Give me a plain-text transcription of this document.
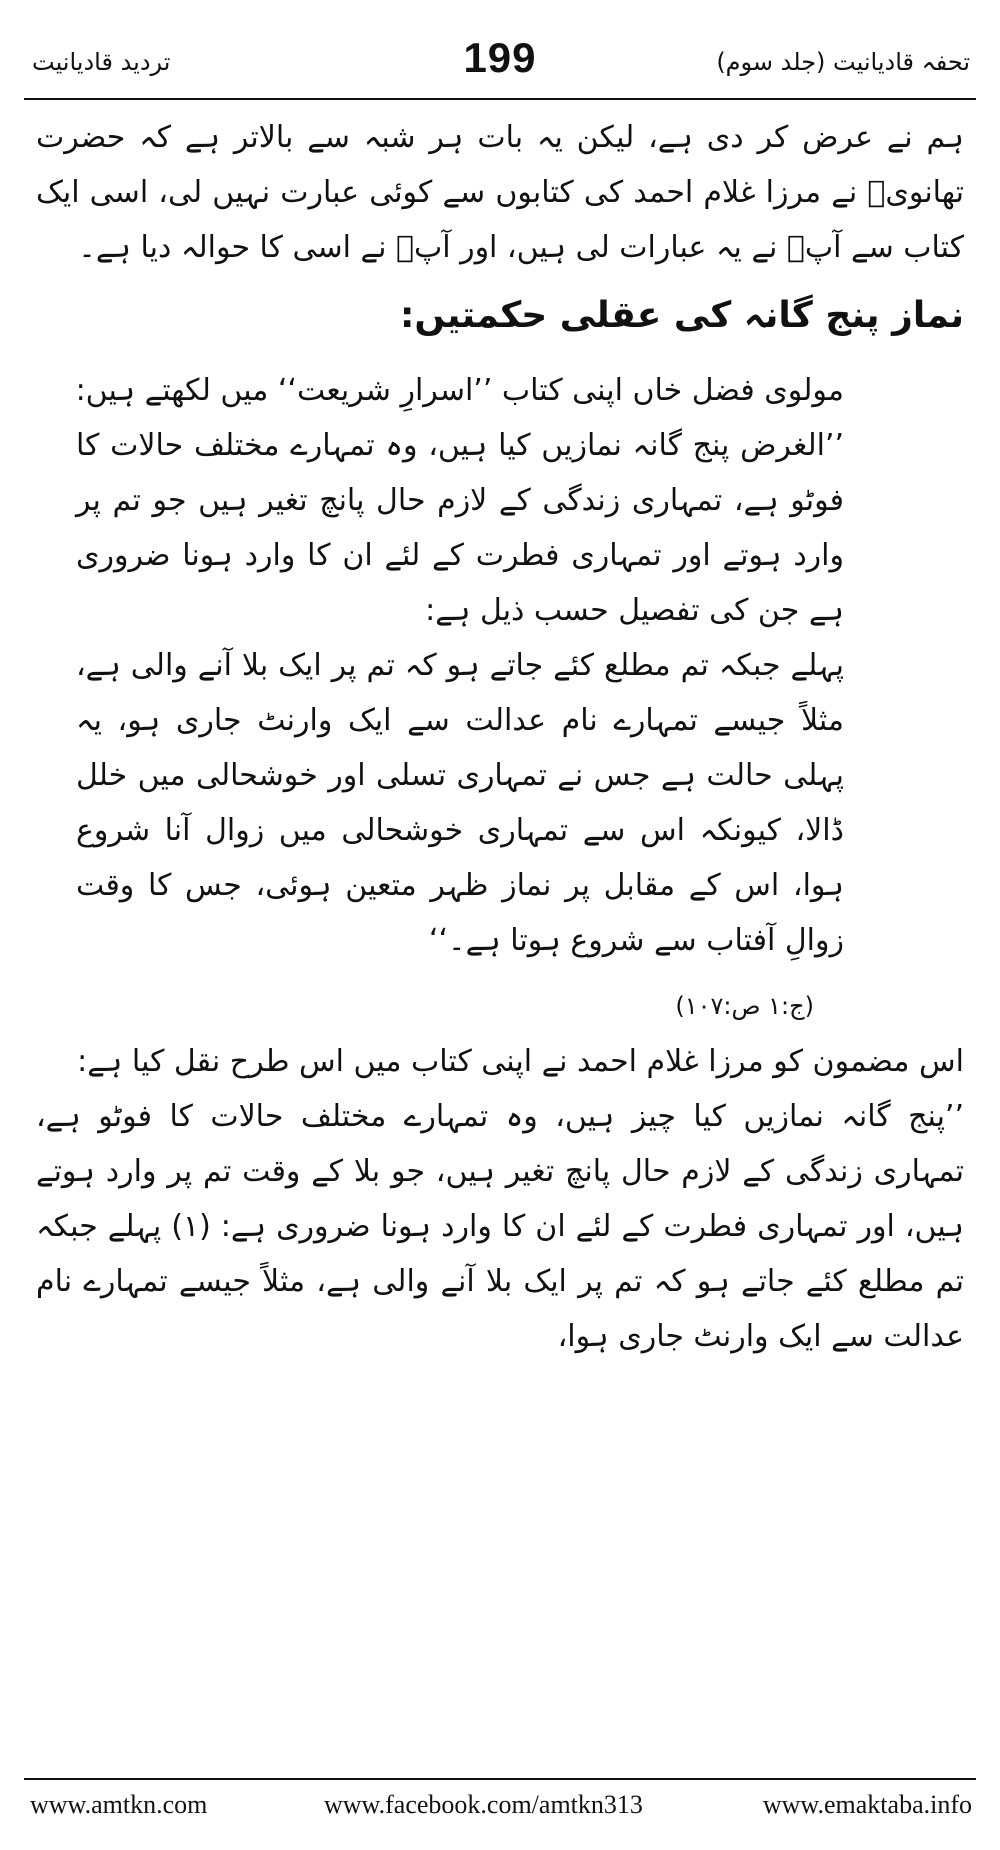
تردید قادیانیت	199	تحفہ قادیانیت (جلد سوم)

ہم نے عرض کر دی ہے، لیکن یہ بات ہر شبہ سے بالاتر ہے کہ حضرت تھانویؒ نے مرزا غلام احمد کی کتابوں سے کوئی عبارت نہیں لی، اسی ایک کتاب سے آپؒ نے یہ عبارات لی ہیں، اور آپؒ نے اسی کا حوالہ دیا ہے۔

نماز پنج گانہ کی عقلی حکمتیں:

مولوی فضل خاں اپنی کتاب ’’اسرارِ شریعت‘‘ میں لکھتے ہیں:

’’الغرض پنج گانہ نمازیں کیا ہیں، وہ تمہارے مختلف حالات کا فوٹو ہے، تمہاری زندگی کے لازم حال پانچ تغیر ہیں جو تم پر وارد ہوتے اور تمہاری فطرت کے لئے ان کا وارد ہونا ضروری ہے جن کی تفصیل حسب ذیل ہے:

پہلے جبکہ تم مطلع کئے جاتے ہو کہ تم پر ایک بلا آنے والی ہے، مثلاً جیسے تمہارے نام عدالت سے ایک وارنٹ جاری ہو، یہ پہلی حالت ہے جس نے تمہاری تسلی اور خوشحالی میں خلل ڈالا، کیونکہ اس سے تمہاری خوشحالی میں زوال آنا شروع ہوا، اس کے مقابل پر نماز ظہر متعین ہوئی، جس کا وقت زوالِ آفتاب سے شروع ہوتا ہے۔‘‘

(ج:۱ ص:۱۰۷)

اس مضمون کو مرزا غلام احمد نے اپنی کتاب میں اس طرح نقل کیا ہے:

’’پنج گانہ نمازیں کیا چیز ہیں، وہ تمہارے مختلف حالات کا فوٹو ہے، تمہاری زندگی کے لازم حال پانچ تغیر ہیں، جو بلا کے وقت تم پر وارد ہوتے ہیں، اور تمہاری فطرت کے لئے ان کا وارد ہونا ضروری ہے: (۱) پہلے جبکہ تم مطلع کئے جاتے ہو کہ تم پر ایک بلا آنے والی ہے، مثلاً جیسے تمہارے نام عدالت سے ایک وارنٹ جاری ہوا،

www.amtkn.com	www.facebook.com/amtkn313	www.emaktaba.info
